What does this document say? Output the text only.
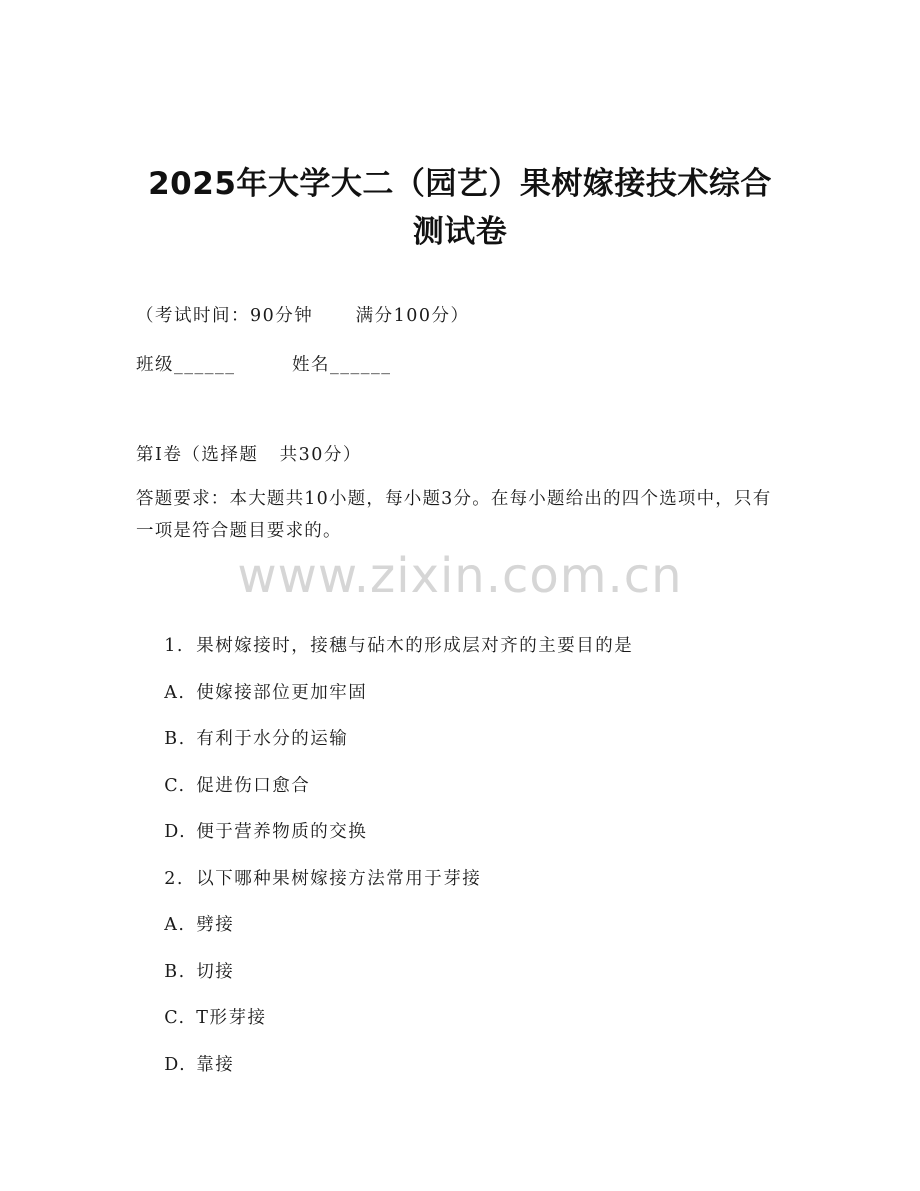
2025年大学大二（园艺）果树嫁接技术综合
测试卷
（考试时间：90分钟      满分100分）
班级______        姓名______
第I卷（选择题   共30分）
答题要求：本大题共10小题，每小题3分。在每小题给出的四个选项中，只有一项是符合题目要求的。
www.zixin.com.cn

1. 果树嫁接时，接穗与砧木的形成层对齐的主要目的是

A. 使嫁接部位更加牢固

B. 有利于水分的运输

C. 促进伤口愈合

D. 便于营养物质的交换

2. 以下哪种果树嫁接方法常用于芽接

A. 劈接

B. 切接

C. T形芽接

D. 靠接
